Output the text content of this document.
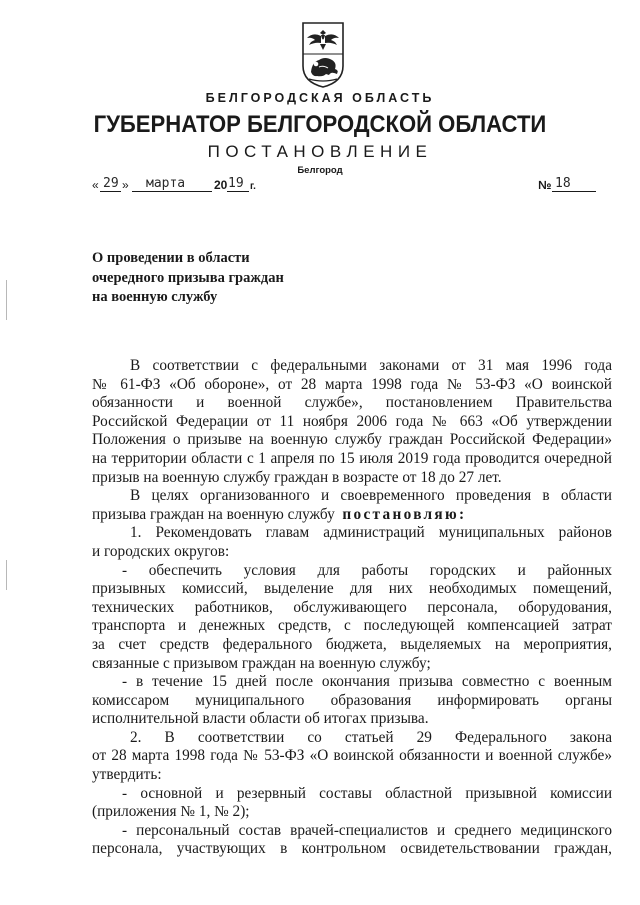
БЕЛГОРОДСКАЯ ОБЛАСТЬ
ГУБЕРНАТОР БЕЛГОРОДСКОЙ ОБЛАСТИ
ПОСТАНОВЛЕНИЕ
Белгород
« 29 » марта 20 19 г.	№ 18
О проведении в области
очередного призыва граждан
на военную службу
В соответствии с федеральными законами от 31 мая 1996 года
№ 61-ФЗ «Об обороне», от 28 марта 1998 года № 53-ФЗ «О воинской
обязанности и военной службе», постановлением Правительства
Российской Федерации от 11 ноября 2006 года № 663 «Об утверждении
Положения о призыве на военную службу граждан Российской Федерации»
на территории области с 1 апреля по 15 июля 2019 года проводится очередной
призыв на военную службу граждан в возрасте от 18 до 27 лет.
В целях организованного и своевременного проведения в области
призыва граждан на военную службу постановляю:
1. Рекомендовать главам администраций муниципальных районов
и городских округов:
- обеспечить условия для работы городских и районных
призывных комиссий, выделение для них необходимых помещений,
технических работников, обслуживающего персонала, оборудования,
транспорта и денежных средств, с последующей компенсацией затрат
за счет средств федерального бюджета, выделяемых на мероприятия,
связанные с призывом граждан на военную службу;
- в течение 15 дней после окончания призыва совместно с военным
комиссаром муниципального образования информировать органы
исполнительной власти области об итогах призыва.
2. В соответствии со статьей 29 Федерального закона
от 28 марта 1998 года № 53-ФЗ «О воинской обязанности и военной службе»
утвердить:
- основной и резервный составы областной призывной комиссии
(приложения № 1, № 2);
- персональный состав врачей-специалистов и среднего медицинского
персонала, участвующих в контрольном освидетельствовании граждан,
